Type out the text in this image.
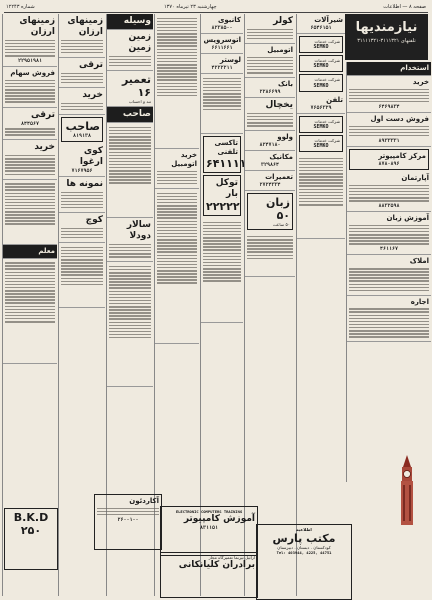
شماره ۱۲۲۴۳	چهارشنبه ۲۳ تیرماه ۱۳۷۰	صفحه ۸ — اطلاعات
زمینهای ارزان
۲۲۹۵۱۹۸۱
فروش سهام
ترقی
۸۴۴۵۶۷
خرید
معلم
زمینهای ارزان
ترقی
خرید
صاحب
۸۱۹۱۳۸
کوی ارغوا
۷۱۶۷۹۵۶
نمونه ها
کوچ
وسیله
زمین زمین
تعمیر ۱۶
تند و احساب
صاحب
سالار دودلا
خرید اتومبیل
کانبوی
۸۲۳۸۵۰۰
اتوسرویس
۶۶۱۱۶۶۱
لوستر
۴۲۲۲۲۱۱
تاکسی تلفنی
۶۴۱۱۱۱
توکل بار
۲۲۲۲۲
کولر
اتومبیل
بانک
۲۲۸۶۶۹۹
یخچال
ولوو
۸۲۴۷۱۸۰
مکانیک
۳۲۹۸۶۴
تعمیرات
۲۷۲۴۳۳۴
زبان ۵۰
۵۰ ساعت
شیرآلات
۶۵۴۶۱۵۱
شرکت خدمات
SEMKO
شرکت خدمات
SEMKO
شرکت خدمات
SEMKO
تلفن
۷۶۵۶۳۲۹
شرکت خدمات
SEMKO
شرکت خدمات
SEMKO
نیازمندیها
تلفنهای ۳۱۱۱۳۲۱-۳۱۱۱۱۳۲۱
استخدام
خرید
۶۴۶۹۸۳۴
فروش دست اول
۸۹۳۳۳۳۱
مرکز کامپیوتر
۸۷۸۰۸۹۶
آپارتمان
۸۸۳۲۵۹۸
آموزش زبان
۴۶۱۱۶۷
املاک
اجاره
B.K.D
۲۵۰
آکاردئون
۲۶۰۰۱۰۰
ELECTRONIC COMPUTERS TRAINING
آموزش کامپیوتر
۸۳۱۱۵۱
ارائیل تیرنما تعمیرگاه مجاز
برادران کلیانکانی
اطلاعیه
مکتب پارس
کودکستان . دبستان . دبیرستان
Tel: 403944, 4225, 44751
